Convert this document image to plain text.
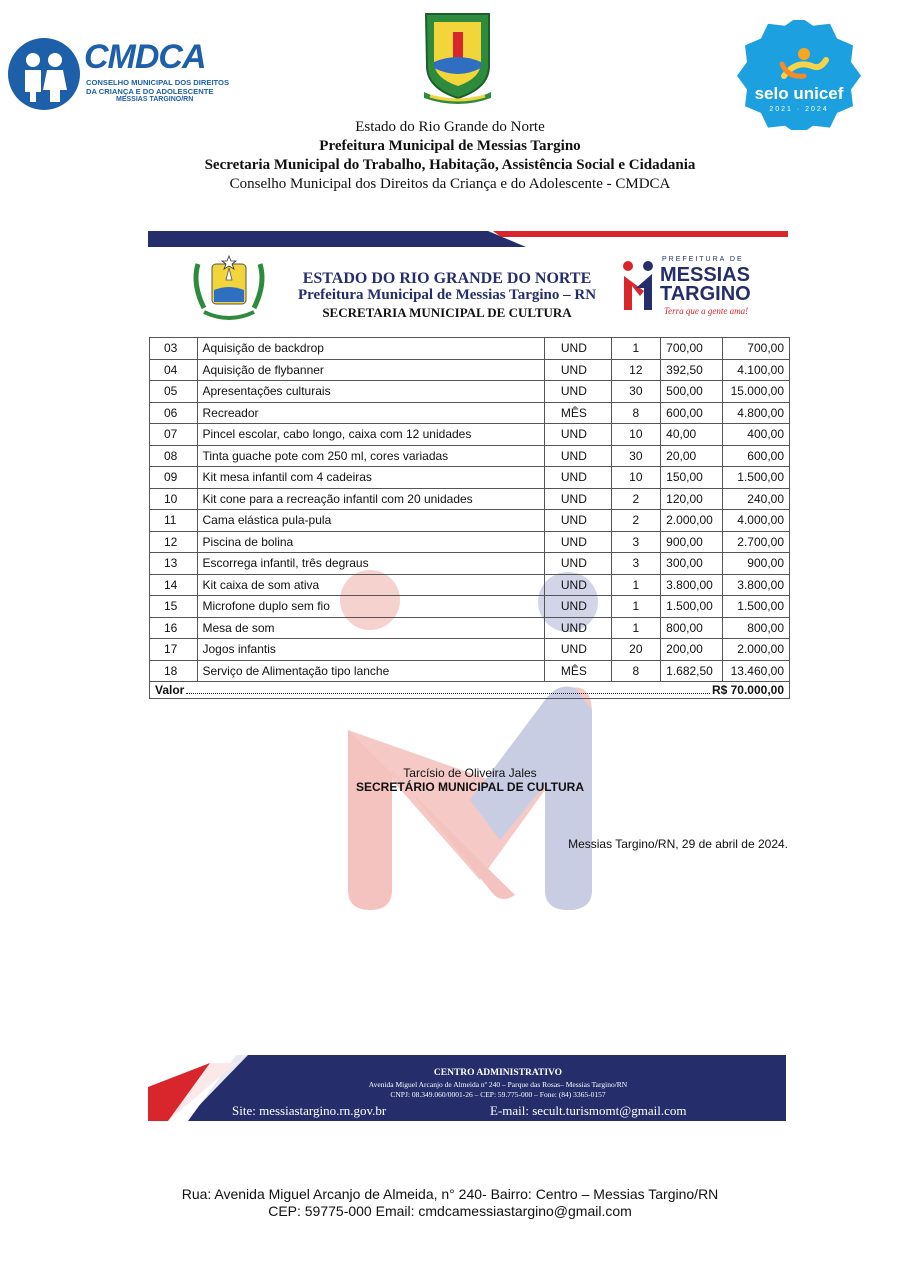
CMDCA
CONSELHO MUNICIPAL DOS DIREITOS
DA CRIANÇA E DO ADOLESCENTE
MESSIAS TARGINO/RN	selo unicef
2021 · 2024
Estado do Rio Grande do Norte
Prefeitura Municipal de Messias Targino
Secretaria Municipal do Trabalho, Habitação, Assistência Social e Cidadania
Conselho Municipal dos Direitos da Criança e do Adolescente - CMDCA
ESTADO DO RIO GRANDE DO NORTE
Prefeitura Municipal de Messias Targino – RN
SECRETARIA MUNICIPAL DE CULTURA
PREFEITURA DE
MESSIAS
TARGINO
Terra que a gente ama!
03	Aquisição de backdrop	UND	1	700,00	700,00
04	Aquisição de flybanner	UND	12	392,50	4.100,00
05	Apresentações culturais	UND	30	500,00	15.000,00
06	Recreador	MÊS	8	600,00	4.800,00
07	Pincel escolar, cabo longo, caixa com 12 unidades	UND	10	40,00	400,00
08	Tinta guache pote com 250 ml, cores variadas	UND	30	20,00	600,00
09	Kit mesa infantil com 4 cadeiras	UND	10	150,00	1.500,00
10	Kit cone para a recreação infantil com 20 unidades	UND	2	120,00	240,00
11	Cama elástica pula-pula	UND	2	2.000,00	4.000,00
12	Piscina de bolina	UND	3	900,00	2.700,00
13	Escorrega infantil, três degraus	UND	3	300,00	900,00
14	Kit caixa de som ativa	UND	1	3.800,00	3.800,00
15	Microfone duplo sem fio	UND	1	1.500,00	1.500,00
16	Mesa de som	UND	1	800,00	800,00
17	Jogos infantis	UND	20	200,00	2.000,00
18	Serviço de Alimentação tipo lanche	MÊS	8	1.682,50	13.460,00

Valor R$ 70.000,00					
Tarcísio de Oliveira Jales
SECRETÁRIO MUNICIPAL DE CULTURA
Messias Targino/RN, 29 de abril de 2024.
CENTRO ADMINISTRATIVO
Avenida Miguel Arcanjo de Almeida nº 240 – Parque das Rosas– Messias Targino/RN
CNPJ: 08.349.060/0001-26 – CEP: 59.775-000 – Fone: (84) 3365-0157
Site: messiastargino.rn.gov.br	E-mail: secult.turismomt@gmail.com
Rua: Avenida Miguel Arcanjo de Almeida, n° 240- Bairro: Centro – Messias Targino/RN
CEP: 59775-000 Email: cmdcamessiastargino@gmail.com
